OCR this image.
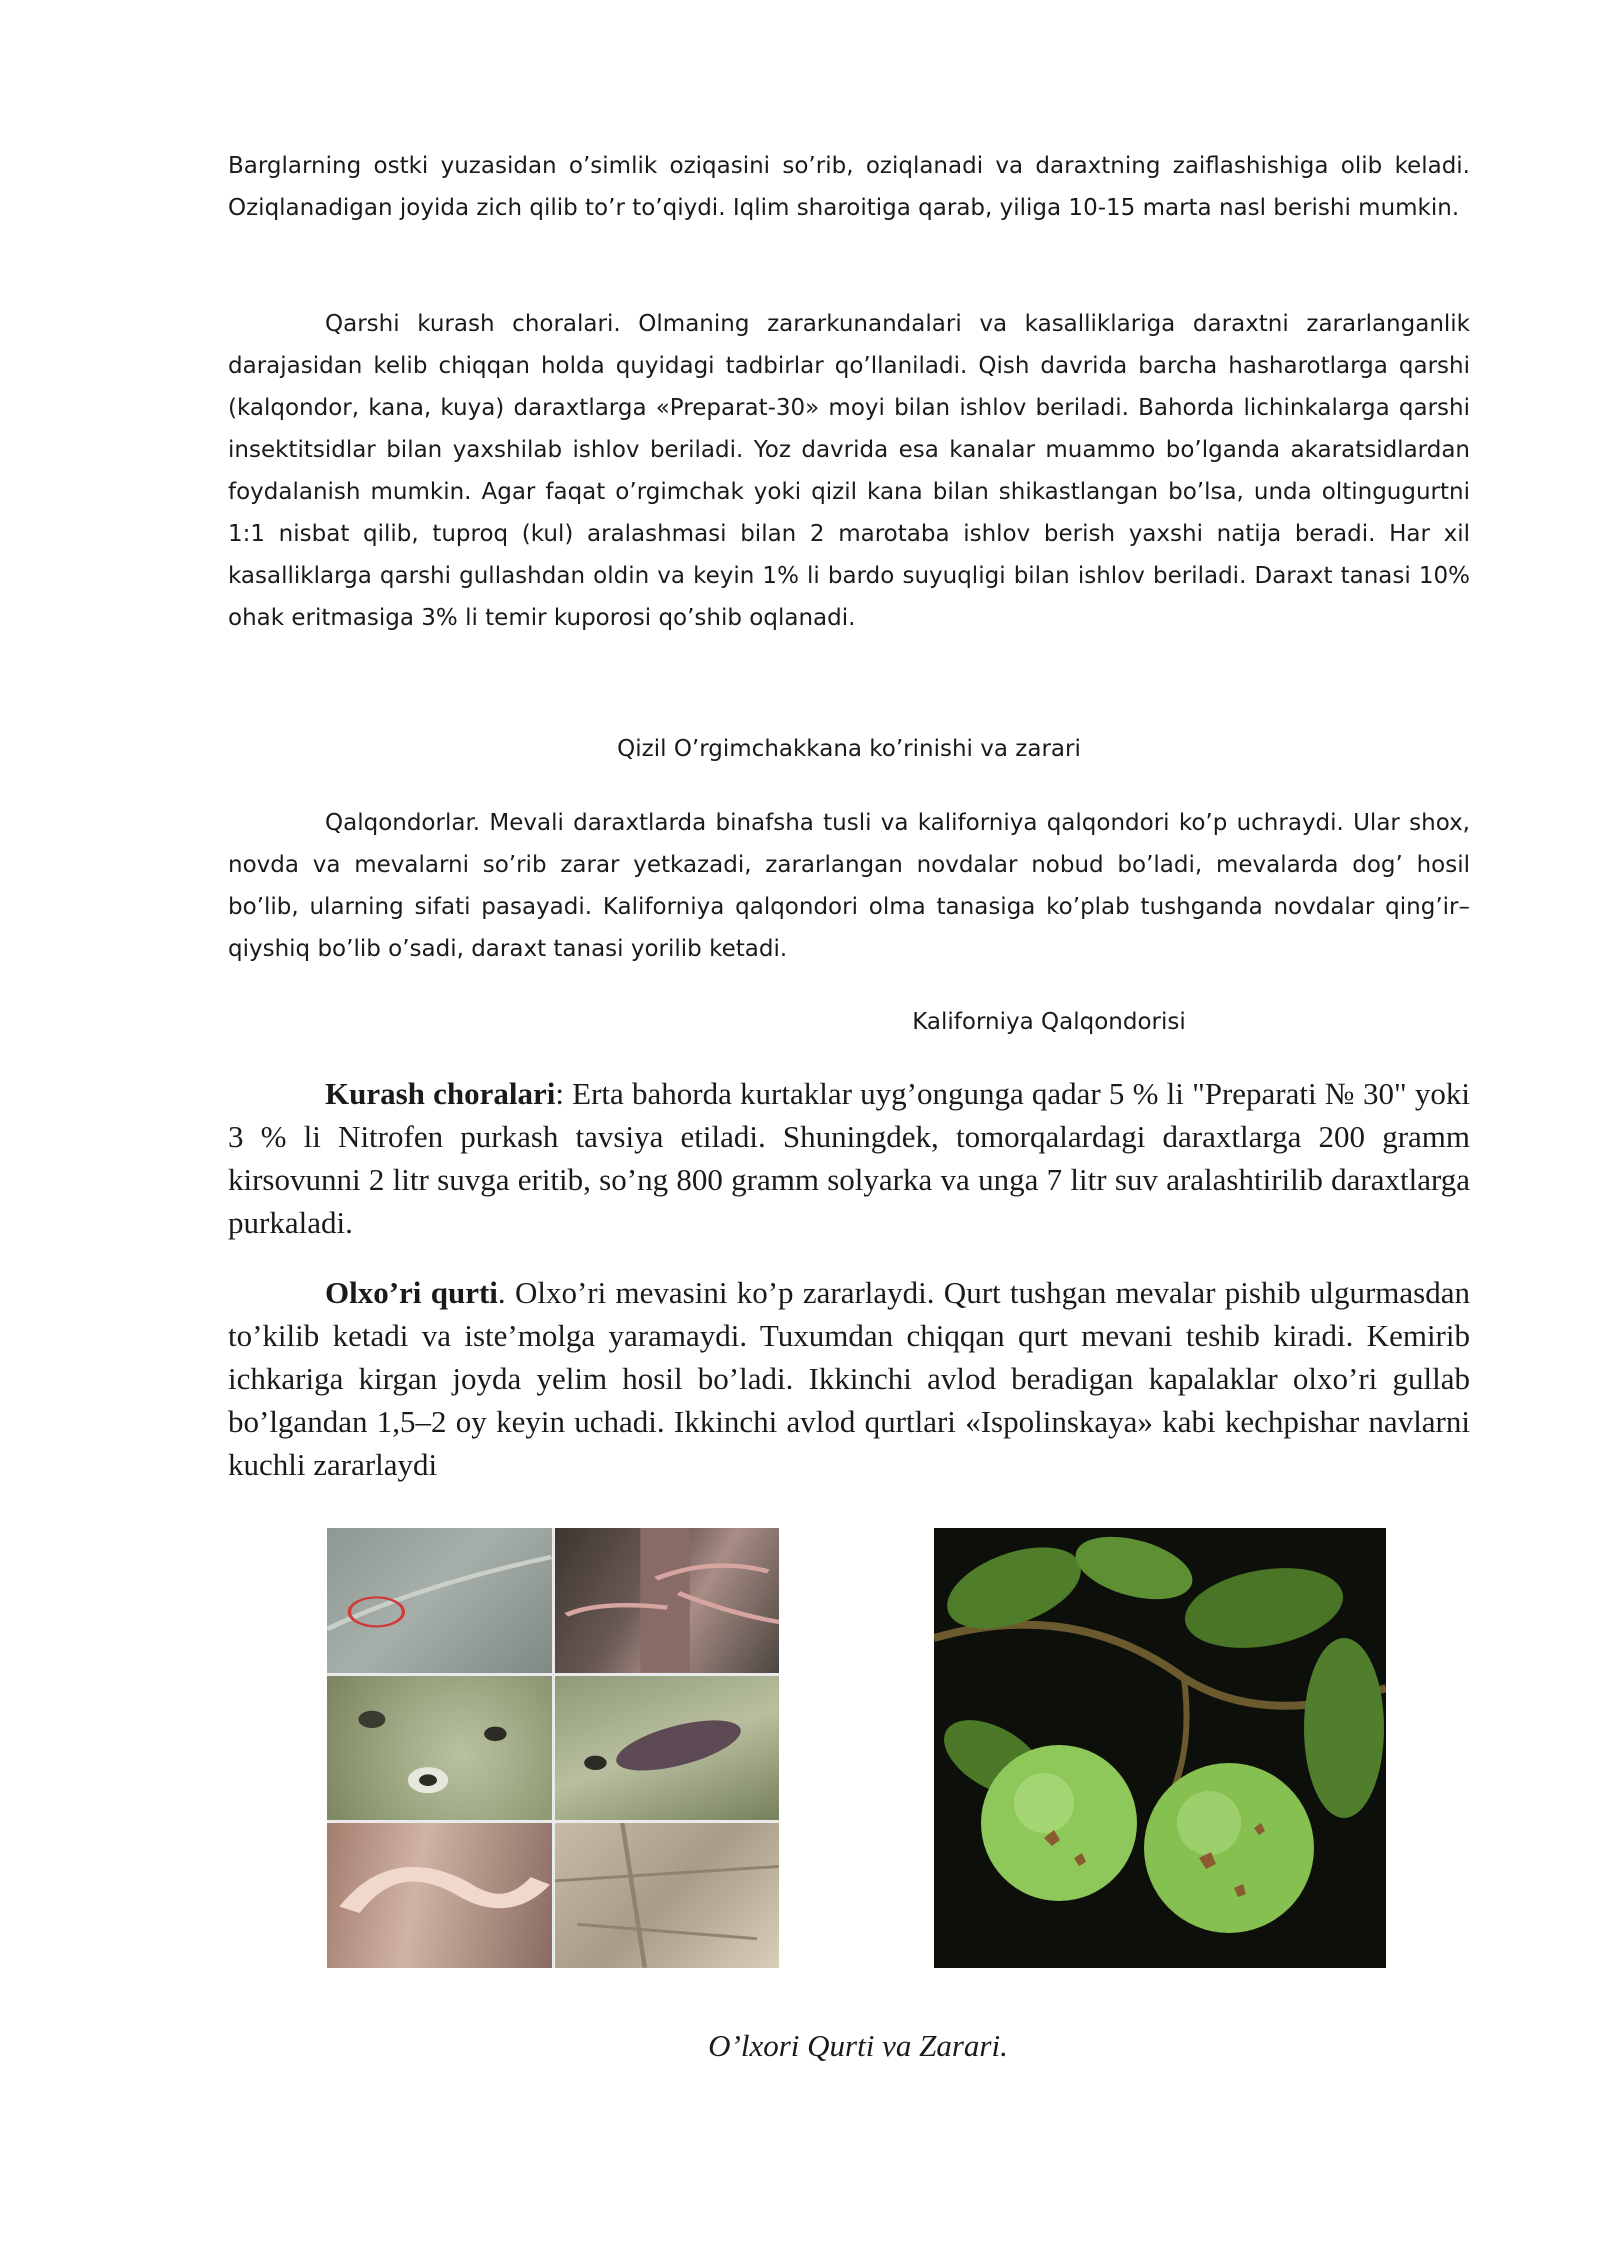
Barglarning ostki yuzasidan o’simlik oziqasini so’rib, oziqlanadi va daraxtning zaiflashishiga olib keladi. Oziqlanadigan joyida zich qilib to’r to’qiydi. Iqlim sharoitiga qarab, yiliga 10-15 marta nasl berishi mumkin.

Qarshi kurash choralari. Olmaning zararkunandalari va kasalliklariga daraxtni zararlanganlik darajasidan kelib chiqqan holda quyidagi tadbirlar qo’llaniladi. Qish davrida barcha hasharotlarga qarshi (kalqondor, kana, kuya) daraxtlarga «Preparat-30» moyi bilan ishlov beriladi. Bahorda lichinkalarga qarshi insektitsidlar bilan yaxshilab ishlov beriladi. Yoz davrida esa kanalar muammo bo’lganda akaratsidlardan foydalanish mumkin. Agar faqat o’rgimchak yoki qizil kana bilan shikastlangan bo’lsa, unda oltingugurtni 1:1 nisbat qilib, tuproq (kul) aralashmasi bilan 2 marotaba ishlov berish yaxshi natija beradi. Har xil kasalliklarga qarshi gullashdan oldin va keyin 1% li bardo suyuqligi bilan ishlov beriladi. Daraxt tanasi 10% ohak eritmasiga 3% li temir kuporosi qo’shib oqlanadi.

Qizil O’rgimchakkana ko’rinishi va zarari

Qalqondorlar. Mevali daraxtlarda binafsha tusli va kaliforniya qalqondori ko’p uchraydi. Ular shox, novda va mevalarni so’rib zarar yetkazadi, zararlangan novdalar nobud bo’ladi, mevalarda dog’ hosil bo’lib, ularning sifati pasayadi. Kaliforniya qalqondori olma tanasiga ko’plab tushganda novdalar qing’ir–qiyshiq bo’lib o’sadi, daraxt tanasi yorilib ketadi.

Kaliforniya Qalqondorisi

Kurash choralari: Erta bahorda kurtaklar uyg’ongunga qadar 5 % li "Preparati № 30" yoki 3 % li Nitrofen purkash tavsiya etiladi. Shuningdek, tomorqalardagi daraxtlarga 200 gramm kirsovunni 2 litr suvga eritib, so’ng 800 gramm solyarka va unga 7 litr suv aralashtirilib daraxtlarga purkaladi.

Olxo’ri qurti. Olxo’ri mevasini ko’p zararlaydi. Qurt tushgan mevalar pishib ulgurmasdan to’kilib ketadi va iste’molga yaramaydi. Tuxumdan chiqqan qurt mevani teshib kiradi. Kemirib ichkariga kirgan joyda yelim hosil bo’ladi. Ikkinchi avlod beradigan kapalaklar olxo’ri gullab bo’lgandan 1,5–2 oy keyin uchadi. Ikkinchi avlod qurtlari «Ispolinskaya» kabi kechpishar navlarni kuchli zararlaydi

O’lxori Qurti va Zarari.
